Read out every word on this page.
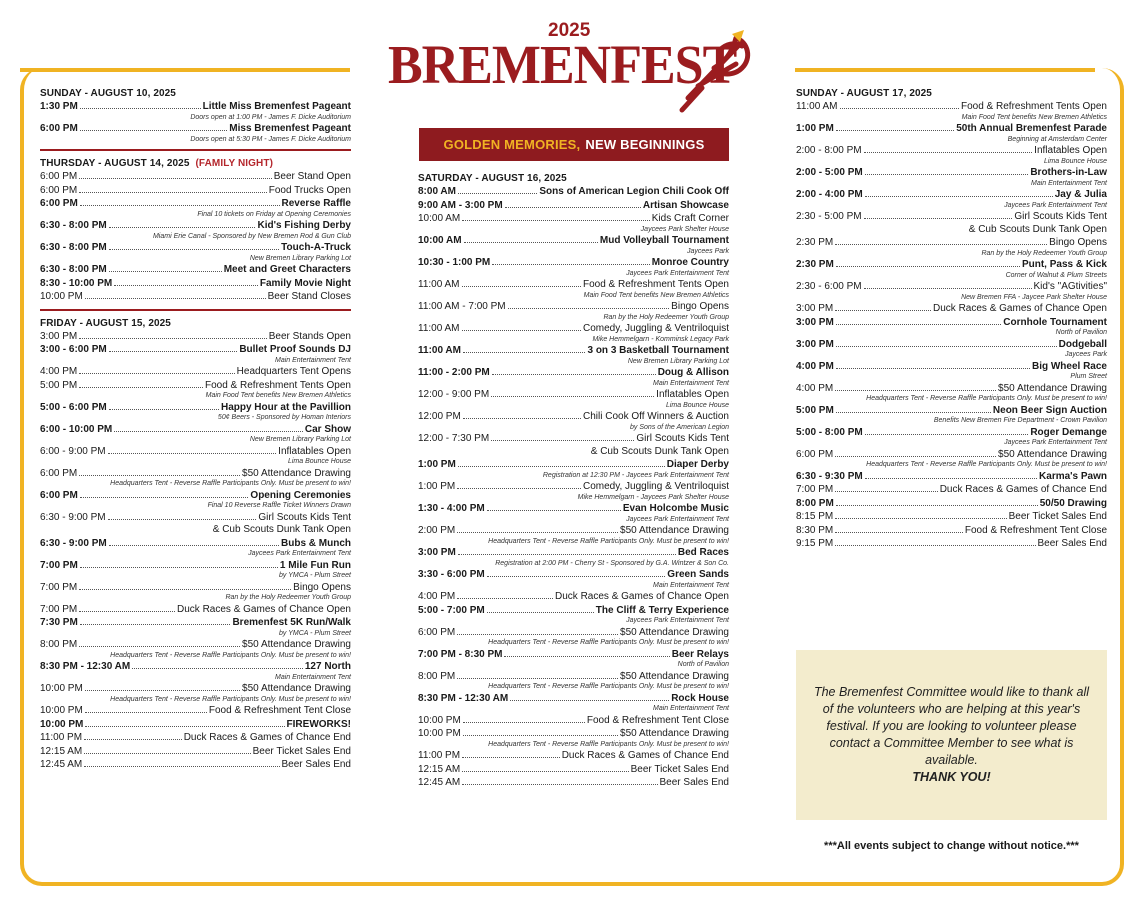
2025
BREMENFEST
GOLDEN MEMORIES, NEW BEGINNINGS
SUNDAY - AUGUST 10, 2025
1:30 PM	Little Miss Bremenfest Pageant
Doors open at 1:00 PM - James F. Dicke Auditorium
6:00 PM	Miss Bremenfest Pageant
Doors open at 5:30 PM - James F. Dicke Auditorium
THURSDAY - AUGUST 14, 2025 (FAMILY NIGHT)
6:00 PM	Beer Stand Open
6:00 PM	Food Trucks Open
6:00 PM	Reverse Raffle
Final 10 tickets on Friday at Opening Ceremonies
6:30 - 8:00 PM	Kid's Fishing Derby
Miami Erie Canal - Sponsored by New Bremen Rod & Gun Club
6:30 - 8:00 PM	Touch-A-Truck
New Bremen Library Parking Lot
6:30 - 8:00 PM	Meet and Greet Characters
8:30 - 10:00 PM	Family Movie Night
10:00 PM	Beer Stand Closes
FRIDAY - AUGUST 15, 2025
3:00 PM	Beer Stands Open
3:00 - 6:00 PM	Bullet Proof Sounds DJ
Main Entertainment Tent
4:00 PM	Headquarters Tent Opens
5:00 PM	Food & Refreshment Tents Open
Main Food Tent benefits New Bremen Athletics
5:00 - 6:00 PM	Happy Hour at the Pavillion
50¢ Beers - Sponsored by Homan Interiors
6:00 - 10:00 PM	Car Show
New Bremen Library Parking Lot
6:00 - 9:00 PM	Inflatables Open
Lima Bounce House
6:00 PM	$50 Attendance Drawing
Headquarters Tent - Reverse Raffle Participants Only. Must be present to win!
6:00 PM	Opening Ceremonies
Final 10 Reverse Raffle Ticket Winners Drawn
6:30 - 9:00 PM	Girl Scouts Kids Tent
& Cub Scouts Dunk Tank Open
6:30 - 9:00 PM	Bubs & Munch
Jaycees Park Entertainment Tent
7:00 PM	1 Mile Fun Run
by YMCA - Plum Street
7:00 PM	Bingo Opens
Ran by the Holy Redeemer Youth Group
7:00 PM	Duck Races & Games of Chance Open
7:30 PM	Bremenfest 5K Run/Walk
by YMCA - Plum Street
8:00 PM	$50 Attendance Drawing
Headquarters Tent - Reverse Raffle Participants Only. Must be present to win!
8:30 PM - 12:30 AM	127 North
Main Entertainment Tent
10:00 PM	$50 Attendance Drawing
Headquarters Tent - Reverse Raffle Participants Only. Must be present to win!
10:00 PM	Food & Refreshment Tent Close
10:00 PM	FIREWORKS!
11:00 PM	Duck Races & Games of Chance End
12:15 AM	Beer Ticket Sales End
12:45 AM	Beer Sales End
SATURDAY - AUGUST 16, 2025
8:00 AM	Sons of American Legion Chili Cook Off
9:00 AM - 3:00 PM	Artisan Showcase
10:00 AM	Kids Craft Corner
Jaycees Park Shelter House
10:00 AM	Mud Volleyball Tournament
Jaycees Park
10:30 - 1:00 PM	Monroe Country
Jaycees Park Entertainment Tent
11:00 AM	Food & Refreshment Tents Open
Main Food Tent benefits New Bremen Athletics
11:00 AM - 7:00 PM	Bingo Opens
Ran by the Holy Redeemer Youth Group
11:00 AM	Comedy, Juggling & Ventriloquist
Mike Hemmelgarn - Komminsk Legacy Park
11:00 AM	3 on 3 Basketball Tournament
New Bremen Library Parking Lot
11:00 - 2:00 PM	Doug & Allison
Main Entertainment Tent
12:00 - 9:00 PM	Inflatables Open
Lima Bounce House
12:00 PM	Chili Cook Off Winners & Auction
by Sons of the American Legion
12:00 - 7:30 PM	Girl Scouts Kids Tent
& Cub Scouts Dunk Tank Open
1:00 PM	Diaper Derby
Registration at 12:30 PM - Jaycees Park Entertainment Tent
1:00 PM	Comedy, Juggling & Ventriloquist
Mike Hemmelgarn - Jaycees Park Shelter House
1:30 - 4:00 PM	Evan Holcombe Music
Jaycees Park Entertainment Tent
2:00 PM	$50 Attendance Drawing
Headquarters Tent - Reverse Raffle Participants Only. Must be present to win!
3:00 PM	Bed Races
Registration at 2:00 PM - Cherry St - Sponsored by G.A. Wintzer & Son Co.
3:30 - 6:00 PM	Green Sands
Main Entertainment Tent
4:00 PM	Duck Races & Games of Chance Open
5:00 - 7:00 PM	The Cliff & Terry Experience
Jaycees Park Entertainment Tent
6:00 PM	$50 Attendance Drawing
Headquarters Tent - Reverse Raffle Participants Only. Must be present to win!
7:00 PM - 8:30 PM	Beer Relays
North of Pavilion
8:00 PM	$50 Attendance Drawing
Headquarters Tent - Reverse Raffle Participants Only. Must be present to win!
8:30 PM - 12:30 AM	Rock House
Main Entertainment Tent
10:00 PM	Food & Refreshment Tent Close
10:00 PM	$50 Attendance Drawing
Headquarters Tent - Reverse Raffle Participants Only. Must be present to win!
11:00 PM	Duck Races & Games of Chance End
12:15 AM	Beer Ticket Sales End
12:45 AM	Beer Sales End
SUNDAY - AUGUST 17, 2025
11:00 AM	Food & Refreshment Tents Open
Main Food Tent benefits New Bremen Athletics
1:00 PM	50th Annual Bremenfest Parade
Beginning at Amsterdam Center
2:00 - 8:00 PM	Inflatables Open
Lima Bounce House
2:00 - 5:00 PM	Brothers-in-Law
Main Entertainment Tent
2:00 - 4:00 PM	Jay & Julia
Jaycees Park Entertainment Tent
2:30 - 5:00 PM	Girl Scouts Kids Tent
& Cub Scouts Dunk Tank Open
2:30 PM	Bingo Opens
Ran by the Holy Redeemer Youth Group
2:30 PM	Punt, Pass & Kick
Corner of Walnut & Plum Streets
2:30 - 6:00 PM	Kid's "AGtivities"
New Bremen FFA - Jaycee Park Shelter House
3:00 PM	Duck Races & Games of Chance Open
3:00 PM	Cornhole Tournament
North of Pavilion
3:00 PM	Dodgeball
Jaycees Park
4:00 PM	Big Wheel Race
Plum Street
4:00 PM	$50 Attendance Drawing
Headquarters Tent - Reverse Raffle Participants Only. Must be present to win!
5:00 PM	Neon Beer Sign Auction
Benefits New Bremen Fire Department - Crown Pavilion
5:00 - 8:00 PM	Roger Demange
Jaycees Park Entertainment Tent
6:00 PM	$50 Attendance Drawing
Headquarters Tent - Reverse Raffle Participants Only. Must be present to win!
6:30 - 9:30 PM	Karma's Pawn
7:00 PM	Duck Races & Games of Chance End
8:00 PM	50/50 Drawing
8:15 PM	Beer Ticket Sales End
8:30 PM	Food & Refreshment Tent Close
9:15 PM	Beer Sales End
The Bremenfest Committee would like to thank all of the volunteers who are helping at this year's festival. If you are looking to volunteer please contact a Committee Member to see what is available.
THANK YOU!
***All events subject to change without notice.***
